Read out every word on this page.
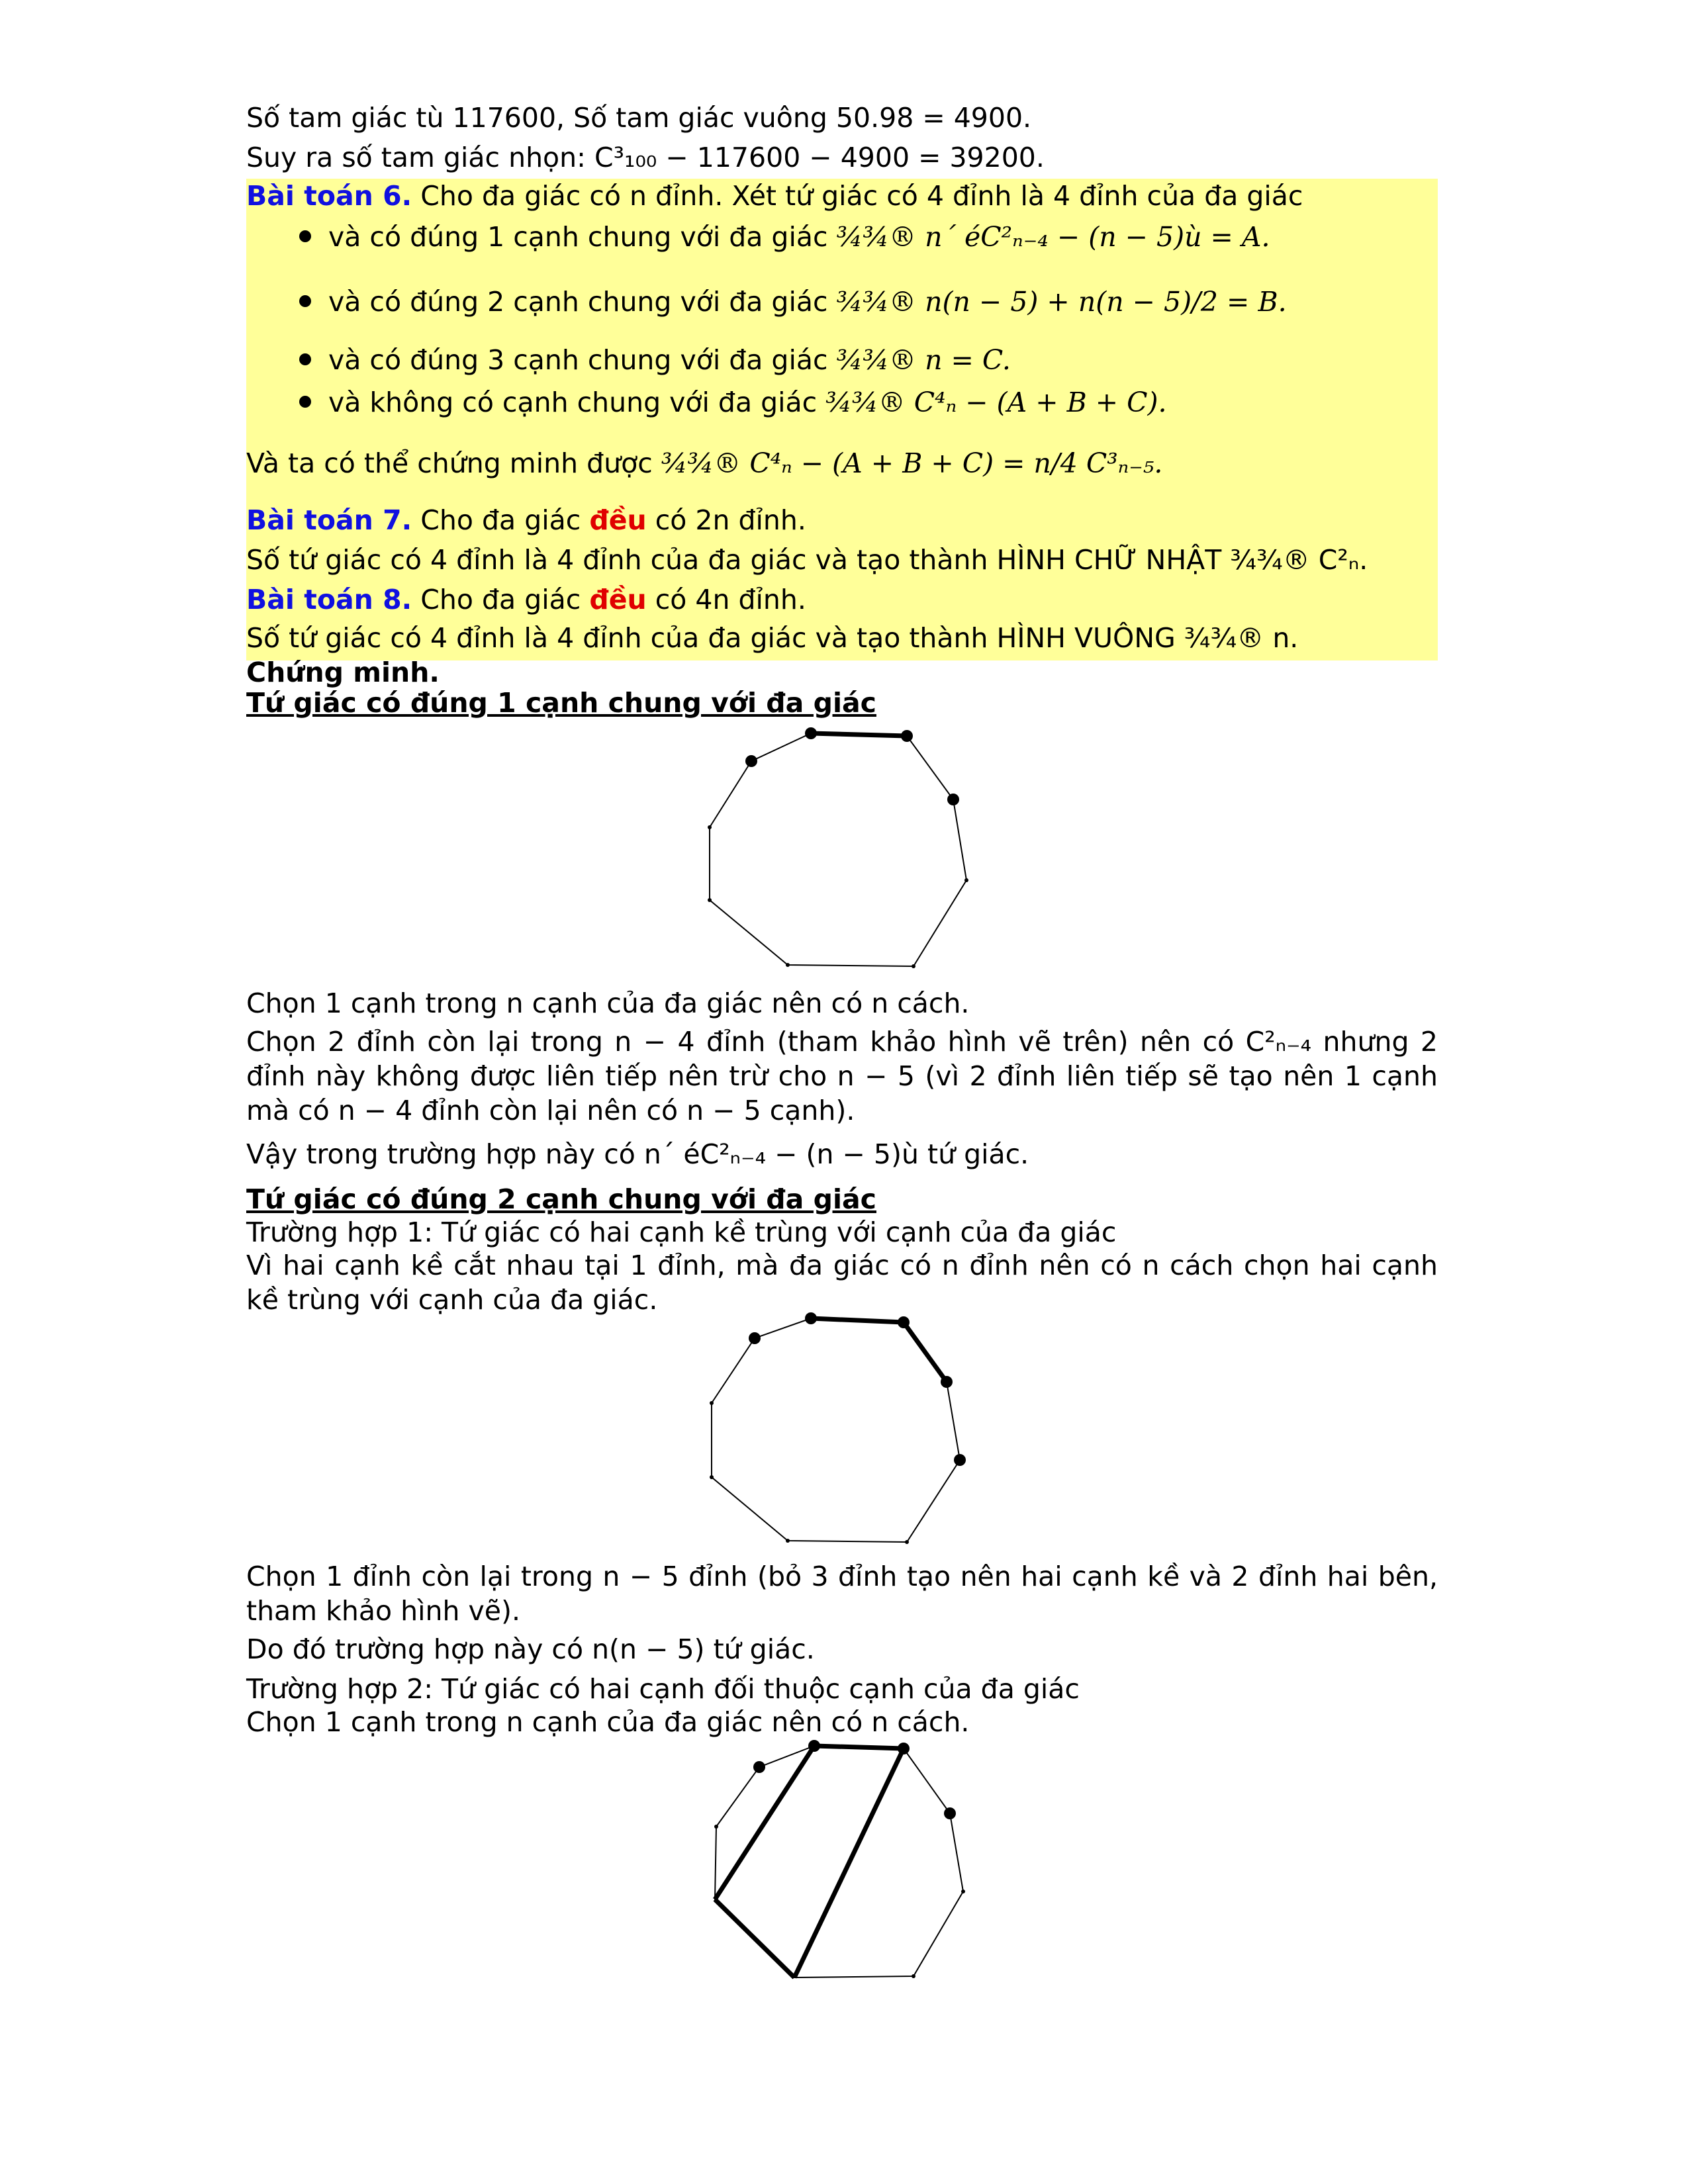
Số tam giác tù 117600, Số tam giác vuông 50.98 = 4900.
Suy ra số tam giác nhọn: C³₁₀₀ − 117600 − 4900 = 39200.
Bài toán 6. Cho đa giác có n đỉnh. Xét tứ giác có 4 đỉnh là 4 đỉnh của đa giác
và có đúng 1 cạnh chung với đa giác ¾¾® n´ éC²ₙ₋₄ − (n − 5)ù = A.
và có đúng 2 cạnh chung với đa giác ¾¾® n(n − 5) + n(n − 5)/2 = B.
và có đúng 3 cạnh chung với đa giác ¾¾® n = C.
và không có cạnh chung với đa giác ¾¾® C⁴ₙ − (A + B + C).
Và ta có thể chứng minh được ¾¾® C⁴ₙ − (A + B + C) = n/4 C³ₙ₋₅.
Bài toán 7. Cho đa giác đều có 2n đỉnh.
Số tứ giác có 4 đỉnh là 4 đỉnh của đa giác và tạo thành HÌNH CHỮ NHẬT ¾¾® C²ₙ.
Bài toán 8. Cho đa giác đều có 4n đỉnh.
Số tứ giác có 4 đỉnh là 4 đỉnh của đa giác và tạo thành HÌNH VUÔNG ¾¾® n.
Chứng minh.
Tứ giác có đúng 1 cạnh chung với đa giác
Chọn 1 cạnh trong n cạnh của đa giác nên có n cách.
Chọn 2 đỉnh còn lại trong n − 4 đỉnh (tham khảo hình vẽ trên) nên có C²ₙ₋₄ nhưng 2 đỉnh này không được liên tiếp nên trừ cho n − 5 (vì 2 đỉnh liên tiếp sẽ tạo nên 1 cạnh mà có n − 4 đỉnh còn lại nên có n − 5 cạnh).
Vậy trong trường hợp này có n´ éC²ₙ₋₄ − (n − 5)ù tứ giác.
Tứ giác có đúng 2 cạnh chung với đa giác
Trường hợp 1: Tứ giác có hai cạnh kề trùng với cạnh của đa giác
Vì hai cạnh kề cắt nhau tại 1 đỉnh, mà đa giác có n đỉnh nên có n cách chọn hai cạnh kề trùng với cạnh của đa giác.
Chọn 1 đỉnh còn lại trong n − 5 đỉnh (bỏ 3 đỉnh tạo nên hai cạnh kề và 2 đỉnh hai bên, tham khảo hình vẽ).
Do đó trường hợp này có n(n − 5) tứ giác.
Trường hợp 2: Tứ giác có hai cạnh đối thuộc cạnh của đa giác
Chọn 1 cạnh trong n cạnh của đa giác nên có n cách.
